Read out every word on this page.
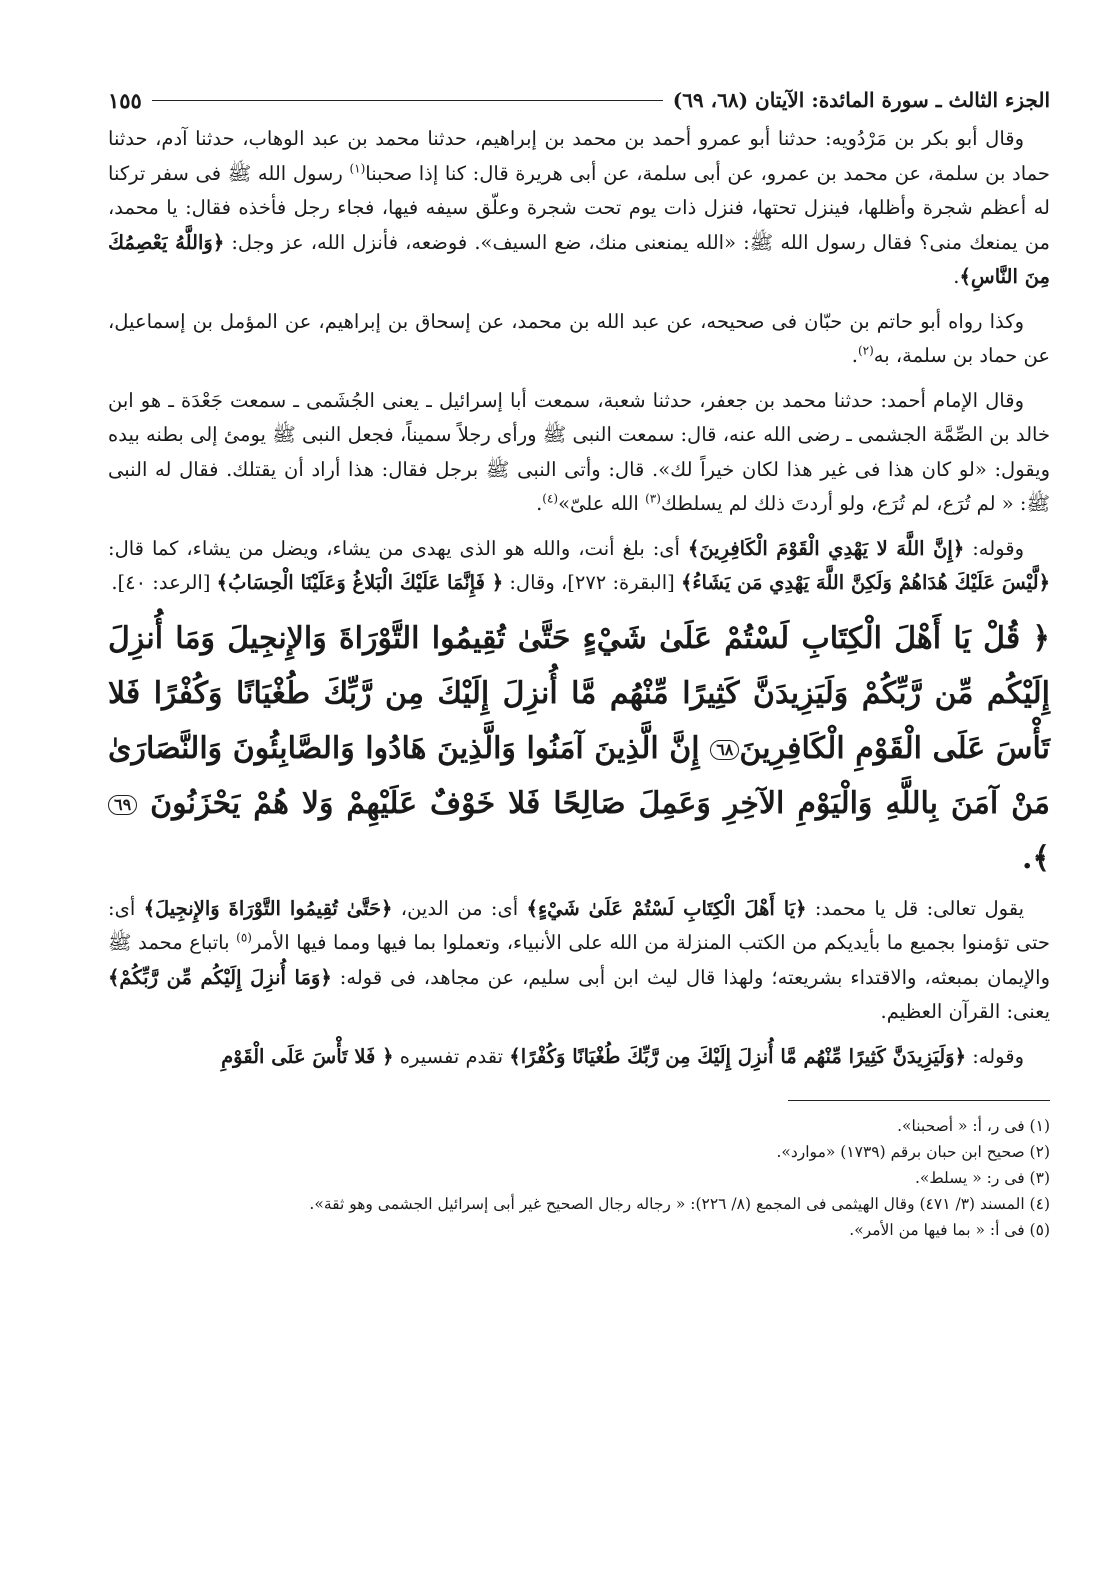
الجزء الثالث ـ سورة المائدة: الآيتان (٦٨، ٦٩)
١٥٥

وقال أبو بكر بن مَرْدُويه: حدثنا أبو عمرو أحمد بن محمد بن إبراهيم، حدثنا محمد بن عبد الوهاب، حدثنا آدم، حدثنا حماد بن سلمة، عن محمد بن عمرو، عن أبى سلمة، عن أبى هريرة قال: كنا إذا صحبنا$^{(١)}$ رسول الله ﷺ فى سفر تركنا له أعظم شجرة وأظلها، فينزل تحتها، فنزل ذات يوم تحت شجرة وعلّق سيفه فيها، فجاء رجل فأخذه فقال: يا محمد، من يمنعك منى؟ فقال رسول الله ﷺ: «الله يمنعنى منك، ضع السيف». فوضعه، فأنزل الله، عز وجل: ﴿وَاللَّهُ يَعْصِمُكَ مِنَ النَّاسِ﴾.

وكذا رواه أبو حاتم بن حبّان فى صحيحه، عن عبد الله بن محمد، عن إسحاق بن إبراهيم، عن المؤمل بن إسماعيل، عن حماد بن سلمة، به$^{(٢)}$.

وقال الإمام أحمد: حدثنا محمد بن جعفر، حدثنا شعبة، سمعت أبا إسرائيل ـ يعنى الجُشَمى ـ سمعت جَعْدَة ـ هو ابن خالد بن الصِّمَّة الجشمى ـ رضى الله عنه، قال: سمعت النبى ﷺ ورأى رجلاً سميناً، فجعل النبى ﷺ يومئ إلى بطنه بيده ويقول: «لو كان هذا فى غير هذا لكان خيراً لك». قال: وأتى النبى ﷺ برجل فقال: هذا أراد أن يقتلك. فقال له النبى ﷺ: « لم تُرَع، لم تُرَع، ولو أردتَ ذلك لم يسلطك$^{(٣)}$ الله علىّ»$^{(٤)}$.

وقوله: ﴿إِنَّ اللَّهَ لا يَهْدِي الْقَوْمَ الْكَافِرِينَ﴾ أى: بلغ أنت، والله هو الذى يهدى من يشاء، ويضل من يشاء، كما قال: ﴿لَّيْسَ عَلَيْكَ هُدَاهُمْ وَلَكِنَّ اللَّهَ يَهْدِي مَن يَشَاءُ﴾ [البقرة: ٢٧٢]، وقال: ﴿ فَإِنَّمَا عَلَيْكَ الْبَلاغُ وَعَلَيْنَا الْحِسَابُ﴾ [الرعد: ٤٠].

﴿ قُلْ يَا أَهْلَ الْكِتَابِ لَسْتُمْ عَلَىٰ شَيْءٍ حَتَّىٰ تُقِيمُوا التَّوْرَاةَ وَالإِنجِيلَ وَمَا أُنزِلَ إِلَيْكُم مِّن رَّبِّكُمْ وَلَيَزِيدَنَّ كَثِيرًا مِّنْهُم مَّا أُنزِلَ إِلَيْكَ مِن رَّبِّكَ طُغْيَانًا وَكُفْرًا فَلا تَأْسَ عَلَى الْقَوْمِ الْكَافِرِينَ٦٨ إِنَّ الَّذِينَ آمَنُوا وَالَّذِينَ هَادُوا وَالصَّابِئُونَ وَالنَّصَارَىٰ مَنْ آمَنَ بِاللَّهِ وَالْيَوْمِ الآخِرِ وَعَمِلَ صَالِحًا فَلا خَوْفٌ عَلَيْهِمْ وَلا هُمْ يَحْزَنُونَ ٦٩ ﴾.

يقول تعالى: قل يا محمد: ﴿يَا أَهْلَ الْكِتَابِ لَسْتُمْ عَلَىٰ شَيْءٍ﴾ أى: من الدين، ﴿حَتَّىٰ تُقِيمُوا التَّوْرَاةَ وَالإِنجِيلَ﴾ أى: حتى تؤمنوا بجميع ما بأيديكم من الكتب المنزلة من الله على الأنبياء، وتعملوا بما فيها ومما فيها الأمر$^{(٥)}$ باتباع محمد ﷺ والإيمان بمبعثه، والاقتداء بشريعته؛ ولهذا قال ليث ابن أبى سليم، عن مجاهد، فى قوله: ﴿وَمَا أُنزِلَ إِلَيْكُم مِّن رَّبِّكُمْ﴾ يعنى: القرآن العظيم.

وقوله: ﴿وَلَيَزِيدَنَّ كَثِيرًا مِّنْهُم مَّا أُنزِلَ إِلَيْكَ مِن رَّبِّكَ طُغْيَانًا وَكُفْرًا﴾ تقدم تفسيره ﴿ فَلا تَأْسَ عَلَى الْقَوْمِ

(١) فى ر، أ: « أصحبنا».

(٢) صحيح ابن حبان برقم (١٧٣٩) «موارد».

(٣) فى ر: « يسلط».

(٤) المسند (٣/ ٤٧١) وقال الهيثمى فى المجمع (٨/ ٢٢٦): « رجاله رجال الصحيح غير أبى إسرائيل الجشمى وهو ثقة».

(٥) فى أ: « بما فيها من الأمر».
